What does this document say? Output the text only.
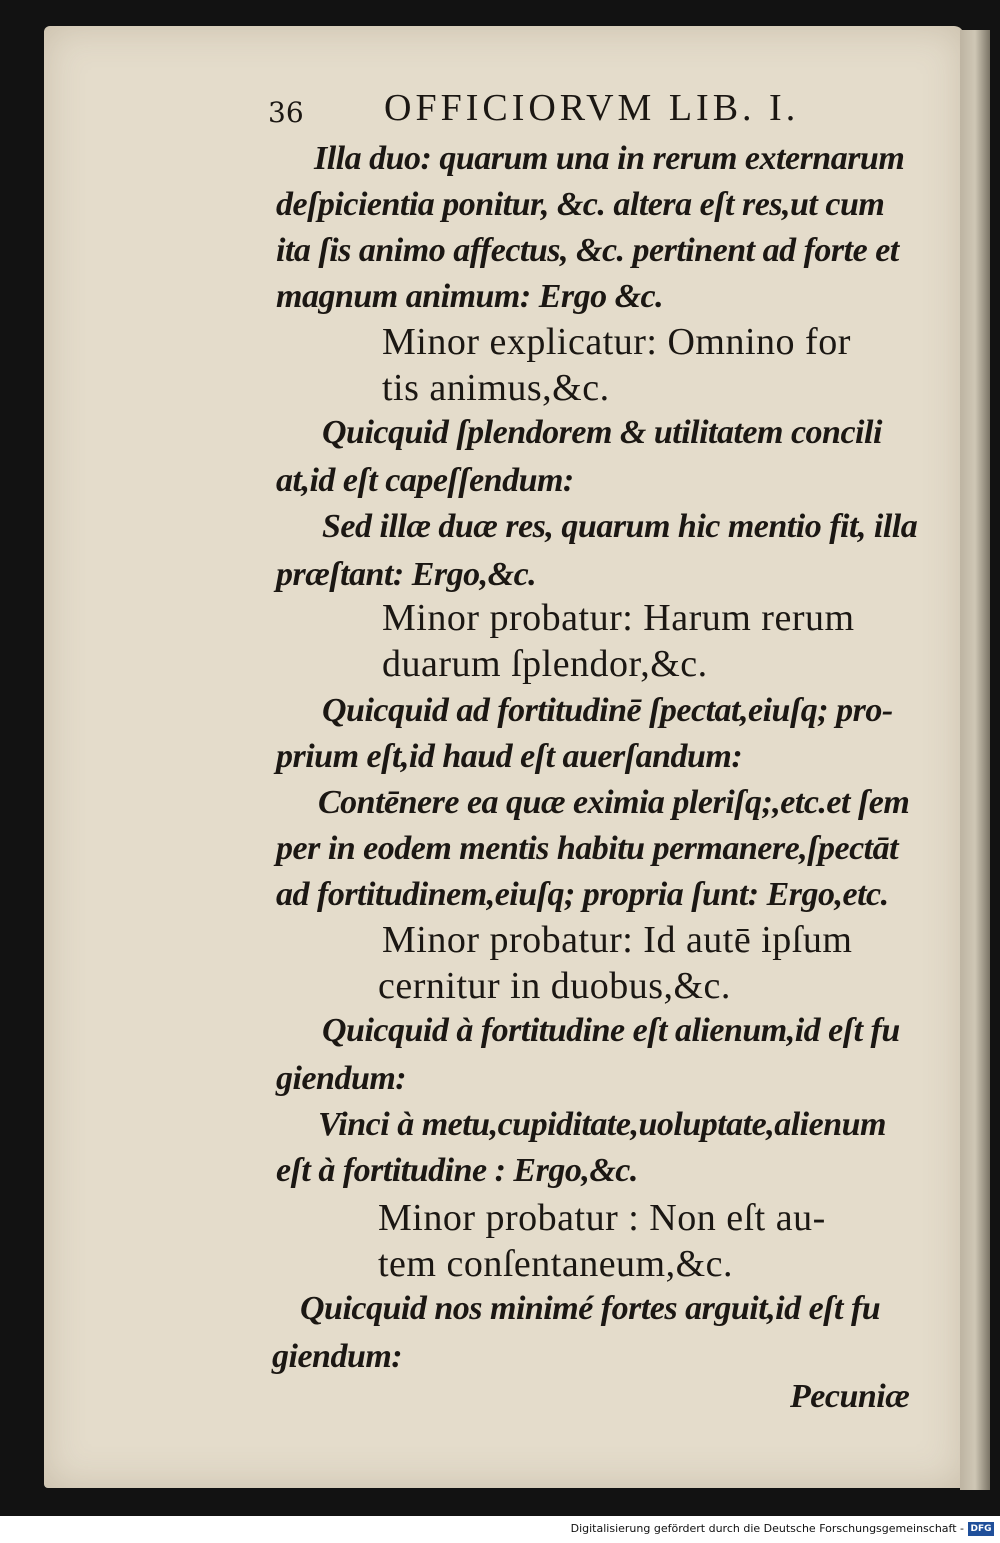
36 OFFICIORVM LIB. I.
Illa duo: quarum una in rerum externarum
deſpicientia ponitur, &c. altera eſt res,ut cum
ita ſis animo affectus, &c. pertinent ad forte et
magnum animum: Ergo &c.
Minor explicatur: Omnino for
tis animus,&c.
Quicquid ſplendorem & utilitatem concili
at,id eſt capeſſendum:
Sed illæ duæ res, quarum hic mentio fit, illa
præſtant: Ergo,&c.
Minor probatur: Harum rerum
duarum ſplendor,&c.
Quicquid ad fortitudinē ſpectat,eiuſq; pro-
prium eſt,id haud eſt auerſandum:
Contēnere ea quæ eximia pleriſq;,etc.et ſem
per in eodem mentis habitu permanere,ſpectāt
ad fortitudinem,eiuſq; propria ſunt: Ergo,etc.
Minor probatur: Id autē ipſum
cernitur in duobus,&c.
Quicquid à fortitudine eſt alienum,id eſt fu
giendum:
Vinci à metu,cupiditate,uoluptate,alienum
eſt à fortitudine : Ergo,&c.
Minor probatur : Non eſt au-
tem conſentaneum,&c.
Quicquid nos minimé fortes arguit,id eſt fu
giendum:
Pecuniæ
Digitalisierung gefördert durch die Deutsche Forschungsgemeinschaft - DFG
